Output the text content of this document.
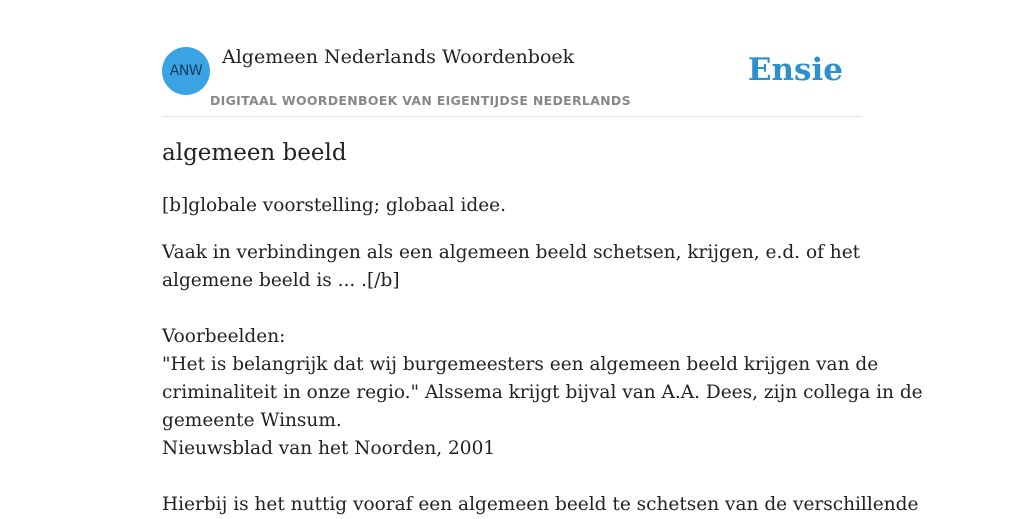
ANW
Algemeen Nederlands Woordenboek
DIGITAAL WOORDENBOEK VAN EIGENTIJDSE NEDERLANDS
Ensie
algemeen beeld
[b]globale voorstelling; globaal idee.
Vaak in verbindingen als een algemeen beeld schetsen, krijgen, e.d. of het
algemene beeld is ... .[/b]
Voorbeelden:
"Het is belangrijk dat wij burgemeesters een algemeen beeld krijgen van de
criminaliteit in onze regio." Alssema krijgt bijval van A.A. Dees, zijn collega in de
gemeente Winsum.
Nieuwsblad van het Noorden, 2001
Hierbij is het nuttig vooraf een algemeen beeld te schetsen van de verschillende
